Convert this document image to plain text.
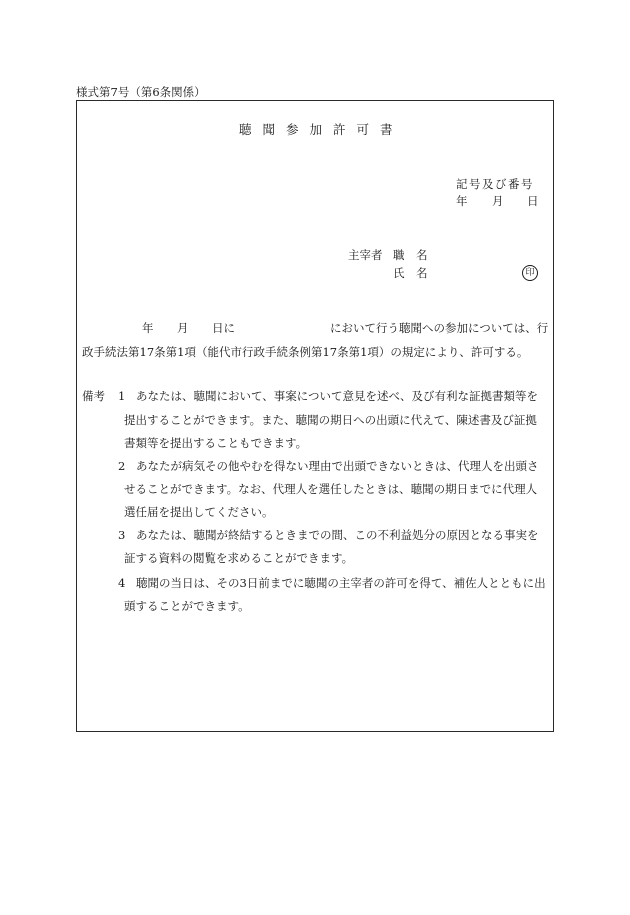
様式第7号（第6条関係）
聴聞参加許可書
記号及び番号
年 月 日
主宰者 職　名
氏　名	印
年 月 日に	において行う聴聞への参加については、行
政手続法第17条第1項（能代市行政手続条例第17条第1項）の規定により、許可する。
備考 1 あなたは、聴聞において、事案について意見を述べ、及び有利な証拠書類等を
提出することができます。また、聴聞の期日への出頭に代えて、陳述書及び証拠
書類等を提出することもできます。
2 あなたが病気その他やむを得ない理由で出頭できないときは、代理人を出頭さ
せることができます。なお、代理人を選任したときは、聴聞の期日までに代理人
選任届を提出してください。
3 あなたは、聴聞が終結するときまでの間、この不利益処分の原因となる事実を
証する資料の閲覧を求めることができます。
4 聴聞の当日は、その3日前までに聴聞の主宰者の許可を得て、補佐人とともに出
頭することができます。
